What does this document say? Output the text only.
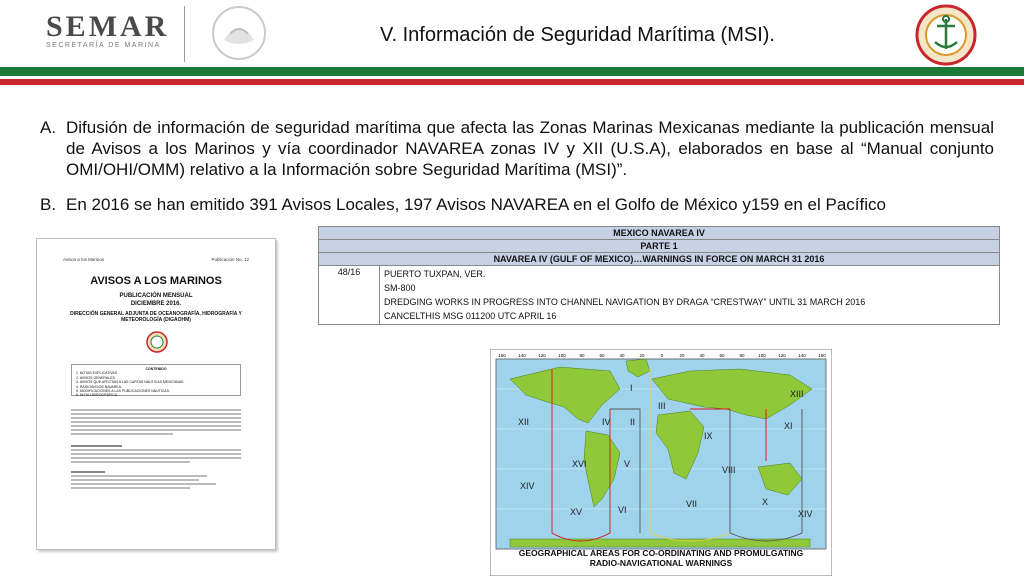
SEMAR
SECRETARÍA DE MARINA	V. Información de Seguridad Marítima (MSI).
A. Difusión de información de seguridad marítima que afecta las Zonas Marinas Mexicanas mediante la publicación mensual de Avisos a los Marinos y vía coordinador NAVAREA zonas IV y XII (U.S.A), elaborados en base al “Manual conjunto OMI/OHI/OMM) relativo a la Información sobre Seguridad Marítima (MSI)”.
B. En 2016 se han emitido 391 Avisos Locales, 197 Avisos NAVAREA en el Golfo de México y159 en el Pacífico
Avisos a los Marinos	Publicación No. 12
AVISOS A LOS MARINOS
PUBLICACIÓN MENSUAL
DICIEMBRE 2016.
DIRECCIÓN GENERAL ADJUNTA DE OCEANOGRAFÍA, HIDROGRAFÍA Y METEOROLOGÍA (DIGAOHM)
CONTENIDO
1. NOTAS EXPLICATIVAS
2. AVISOS GENERALES.
3. AVISOS QUE AFECTAN A LAS CARTAS NÁUTICAS MEXICANAS.
4. RADIOAVISOS NAVAREA.
5. MODIFICACIONES A LAS PUBLICACIONES NÁUTICAS.
6. NOTA HIDROGRÁFICA.
MEXICO NAVAREA IV
PARTE 1
NAVAREA IV (GULF OF MEXICO)…WARNINGS IN FORCE ON MARCH 31 2016
48/16	PUERTO TUXPAN, VER.
SM-800
DREDGING WORKS IN PROGRESS INTO CHANNEL NAVIGATION BY DRAGA “CRESTWAY” UNTIL 31 MARCH 2016
CANCELTHIS MSG 011200 UTC APRIL 16
160	140	120	100	80	60	40	20	0	20	40	60	80	100	120	140	160
I
II
III
IV
V
VI
VII
VIII
IX
X
XI
XII
XIII
XIV
XV
XVI
XIV
GEOGRAPHICAL AREAS FOR CO-ORDINATING AND PROMULGATING
RADIO-NAVIGATIONAL WARNINGS
